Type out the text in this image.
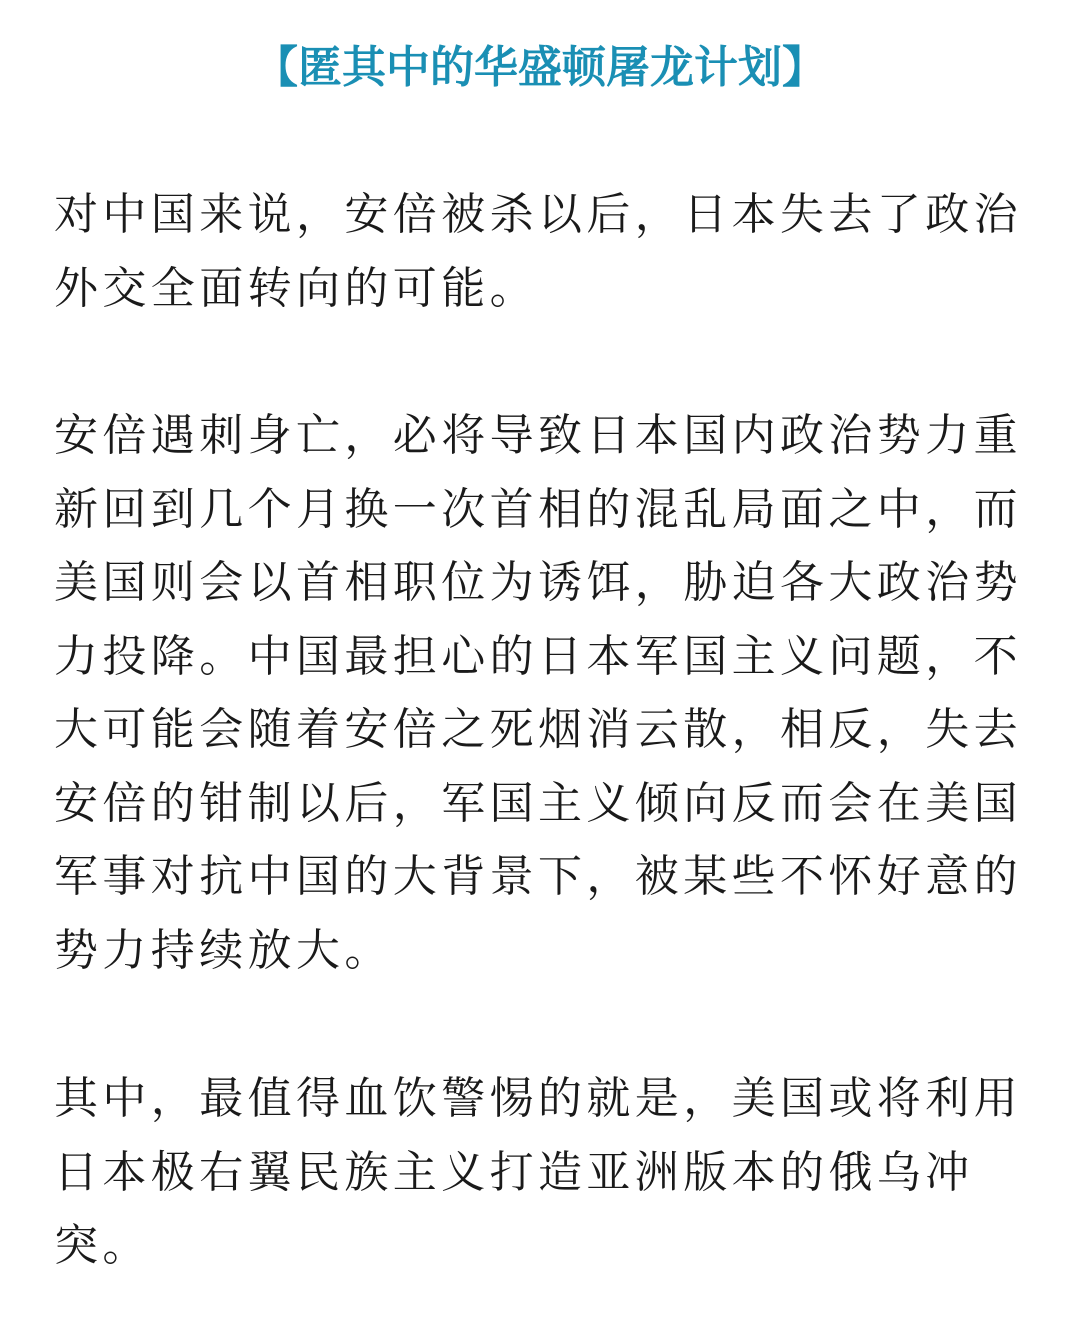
【匿其中的华盛顿屠龙计划】

对中国来说，安倍被杀以后，日本失去了政治
外交全面转向的可能。

安倍遇刺身亡，必将导致日本国内政治势力重
新回到几个月换一次首相的混乱局面之中，而
美国则会以首相职位为诱饵，胁迫各大政治势
力投降。中国最担心的日本军国主义问题，不
大可能会随着安倍之死烟消云散，相反，失去
安倍的钳制以后，军国主义倾向反而会在美国
军事对抗中国的大背景下，被某些不怀好意的
势力持续放大。

其中，最值得血饮警惕的就是，美国或将利用
日本极右翼民族主义打造亚洲版本的俄乌冲
突。
